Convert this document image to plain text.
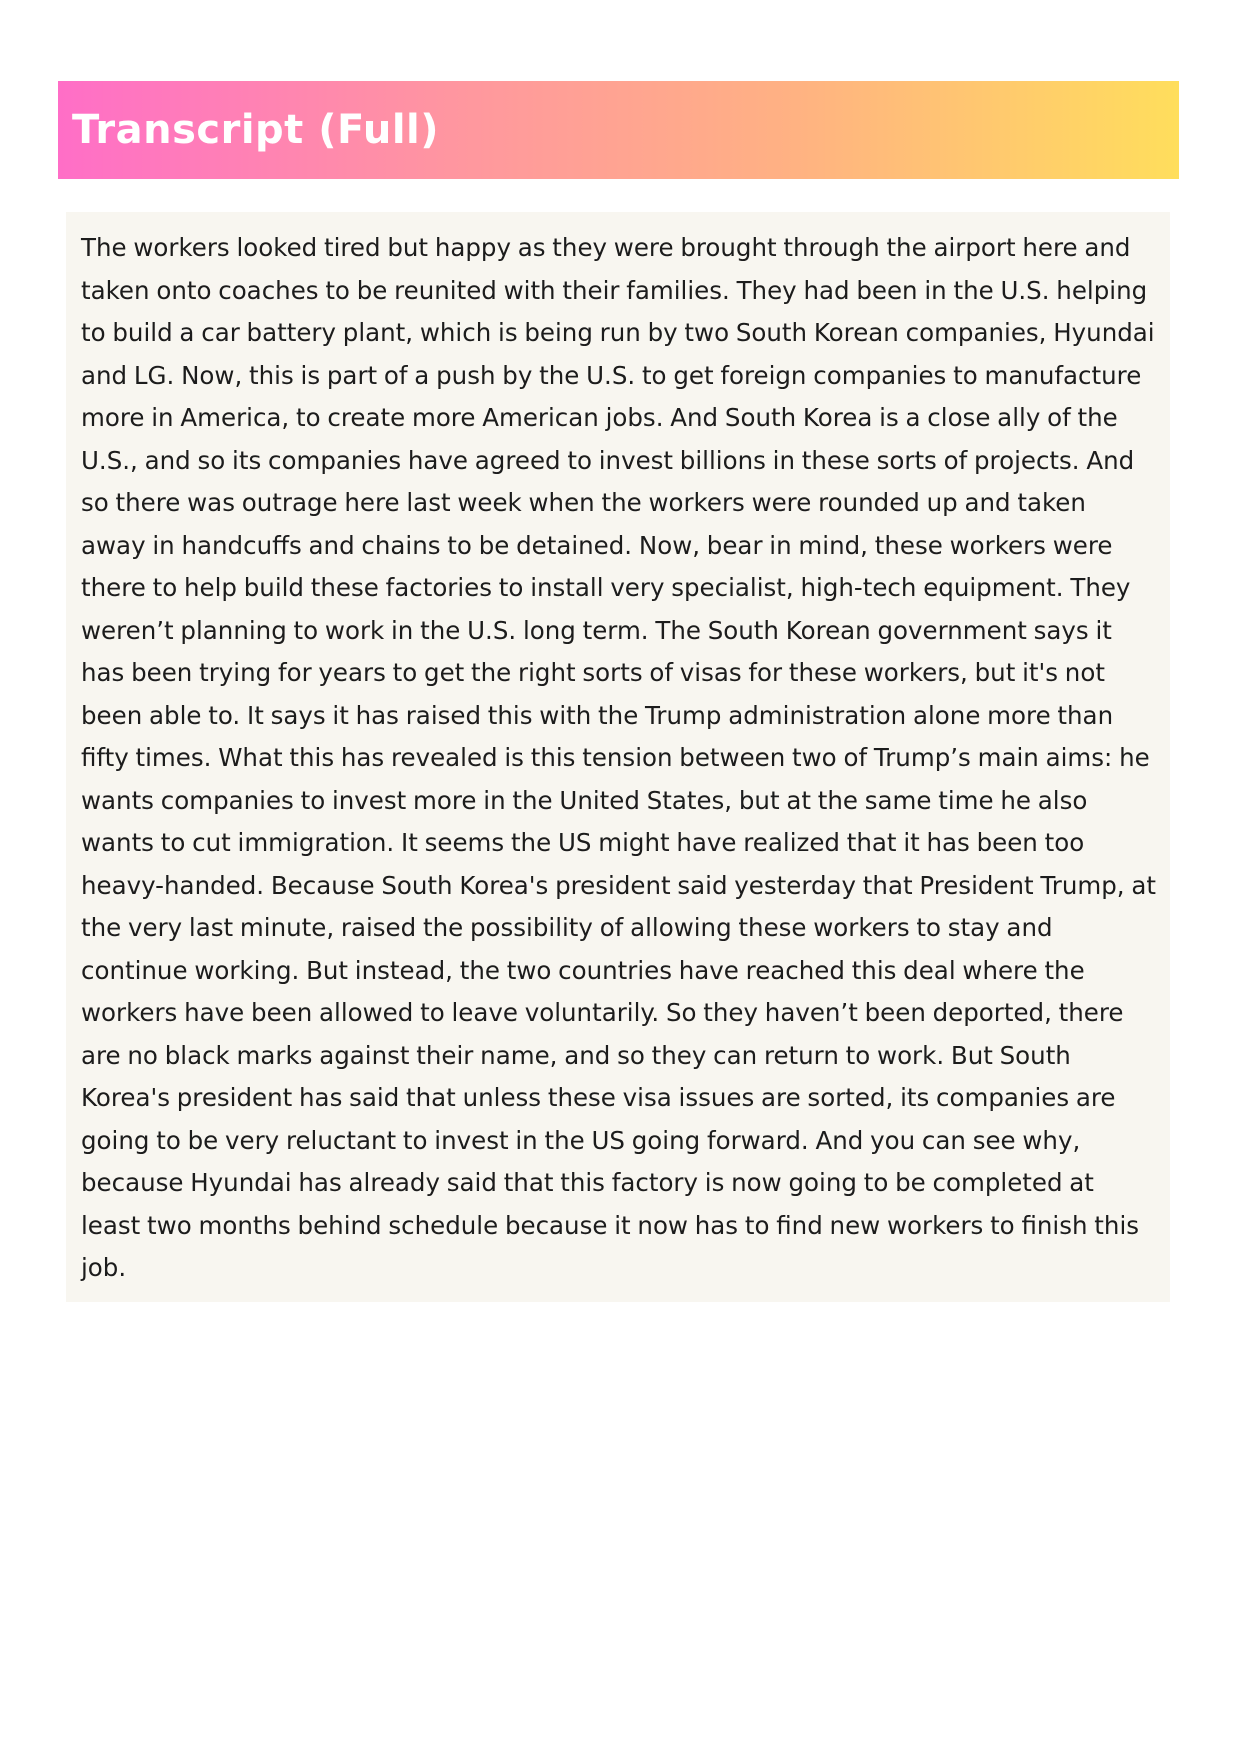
Transcript (Full)

The workers looked tired but happy as they were brought through the airport here and taken onto coaches to be reunited with their families. They had been in the U.S. helping to build a car battery plant, which is being run by two South Korean companies, Hyundai and LG. Now, this is part of a push by the U.S. to get foreign companies to manufacture more in America, to create more American jobs. And South Korea is a close ally of the U.S., and so its companies have agreed to invest billions in these sorts of projects. And so there was outrage here last week when the workers were rounded up and taken away in handcuffs and chains to be detained. Now, bear in mind, these workers were there to help build these factories to install very specialist, high-tech equipment. They weren’t planning to work in the U.S. long term. The South Korean government says it has been trying for years to get the right sorts of visas for these workers, but it's not been able to. It says it has raised this with the Trump administration alone more than fifty times. What this has revealed is this tension between two of Trump’s main aims: he wants companies to invest more in the United States, but at the same time he also wants to cut immigration. It seems the US might have realized that it has been too heavy-handed. Because South Korea's president said yesterday that President Trump, at the very last minute, raised the possibility of allowing these workers to stay and continue working. But instead, the two countries have reached this deal where the workers have been allowed to leave voluntarily. So they haven’t been deported, there are no black marks against their name, and so they can return to work. But South Korea's president has said that unless these visa issues are sorted, its companies are going to be very reluctant to invest in the US going forward. And you can see why, because Hyundai has already said that this factory is now going to be completed at least two months behind schedule because it now has to find new workers to finish this job.
